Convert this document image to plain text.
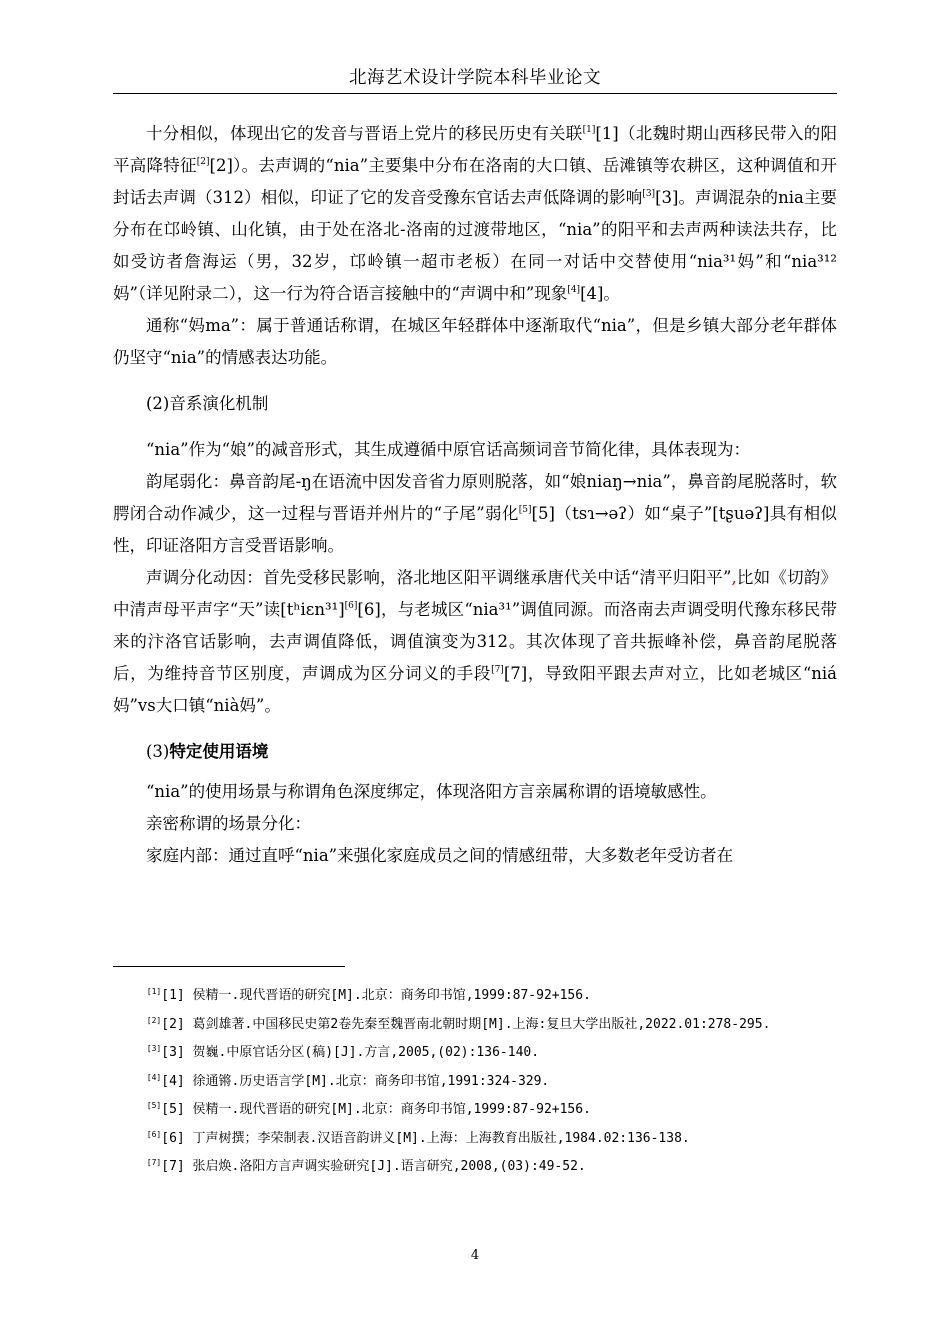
北海艺术设计学院本科毕业论文

十分相似，体现出它的发音与晋语上党片的移民历史有关联[1][1]（北魏时期山西移民带入的阳平高降特征[2][2]）。去声调的“nia”主要集中分布在洛南的大口镇、岳滩镇等农耕区，这种调值和开封话去声调（312）相似，印证了它的发音受豫东官话去声低降调的影响[3][3]。声调混杂的nia主要分布在邙岭镇、山化镇，由于处在洛北-洛南的过渡带地区，“nia”的阳平和去声两种读法共存，比如受访者詹海运（男，32岁，邙岭镇一超市老板）在同一对话中交替使用“nia³¹妈”和“nia³¹²妈”（详见附录二），这一行为符合语言接触中的“声调中和”现象[4][4]。

通称“妈ma”：属于普通话称谓，在城区年轻群体中逐渐取代“nia”，但是乡镇大部分老年群体仍坚守“nia”的情感表达功能。

(2)音系演化机制

“nia”作为“娘”的减音形式，其生成遵循中原官话高频词音节简化律，具体表现为：

韵尾弱化：鼻音韵尾-ŋ在语流中因发音省力原则脱落，如“娘niaŋ→nia”，鼻音韵尾脱落时，软腭闭合动作减少，这一过程与晋语并州片的“子尾”弱化[5][5]（tsɿ→əʔ）如“桌子”[tʂuəʔ]具有相似性，印证洛阳方言受晋语影响。

声调分化动因：首先受移民影响，洛北地区阳平调继承唐代关中话“清平归阳平”,比如《切韵》中清声母平声字“天”读[tʰiɛn³¹][6][6]，与老城区“nia³¹”调值同源。而洛南去声调受明代豫东移民带来的汴洛官话影响，去声调值降低，调值演变为312。其次体现了音共振峰补偿，鼻音韵尾脱落后，为维持音节区别度，声调成为区分词义的手段[7][7]，导致阳平跟去声对立，比如老城区“niá妈”vs大口镇“nià妈”。

(3)特定使用语境

“nia”的使用场景与称谓角色深度绑定，体现洛阳方言亲属称谓的语境敏感性。

亲密称谓的场景分化：

家庭内部：通过直呼“nia”来强化家庭成员之间的情感纽带，大多数老年受访者在

[1][1] 侯精一.现代晋语的研究[M].北京：商务印书馆,1999:87-92+156.

[2][2] 葛剑雄著.中国移民史第2卷先秦至魏晋南北朝时期[M].上海:复旦大学出版社,2022.01:278-295.

[3][3] 贺巍.中原官话分区(稿)[J].方言,2005,(02):136-140.

[4][4] 徐通锵.历史语言学[M].北京：商务印书馆,1991:324-329.

[5][5] 侯精一.现代晋语的研究[M].北京：商务印书馆,1999:87-92+156.

[6][6] 丁声树撰；李荣制表.汉语音韵讲义[M].上海：上海教育出版社,1984.02:136-138.

[7][7] 张启焕.洛阳方言声调实验研究[J].语言研究,2008,(03):49-52.

4
